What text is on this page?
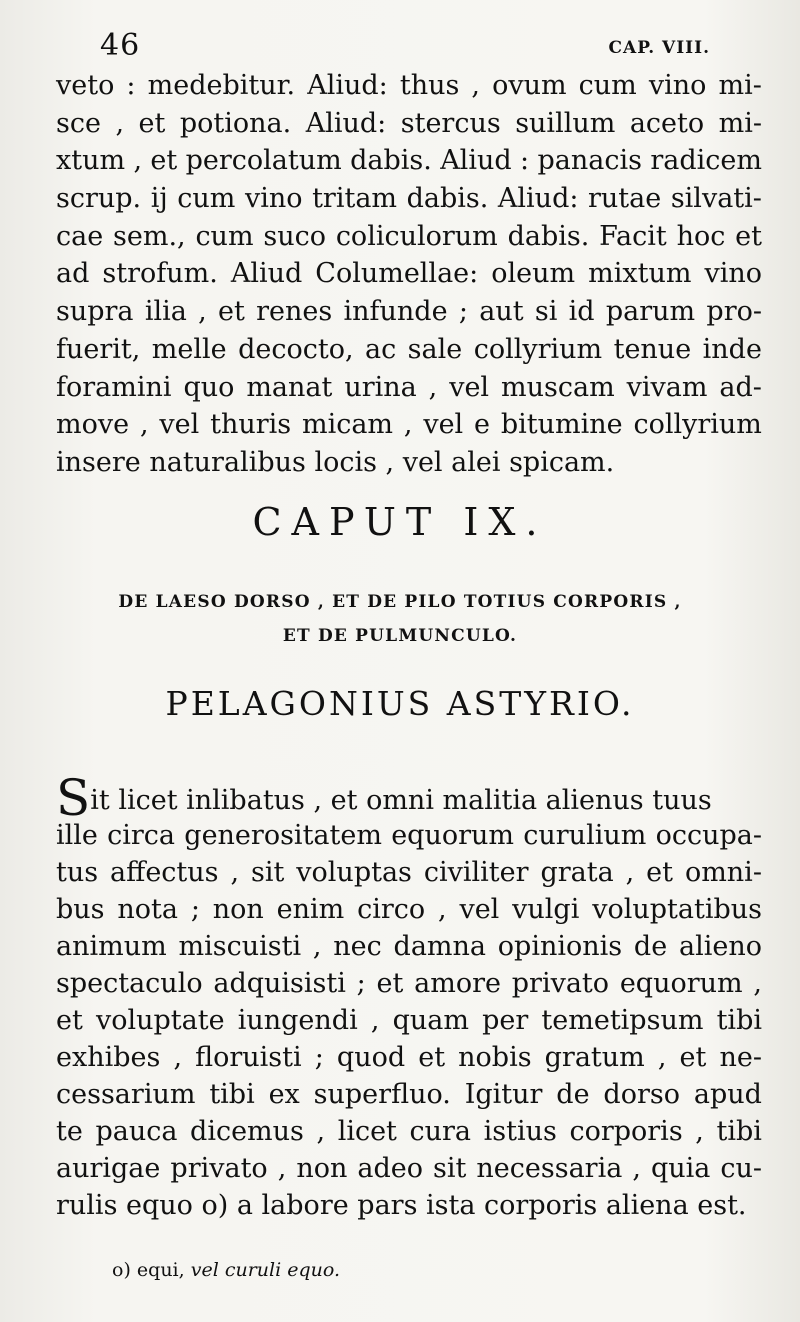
46	CAP. VIII.
veto : medebitur. Aliud: thus , ovum cum vino mi-
sce , et potiona. Aliud: stercus suillum aceto mi-
xtum , et percolatum dabis. Aliud : panacis radicem
scrup. ij cum vino tritam dabis. Aliud: rutae silvati-
cae sem., cum suco coliculorum dabis. Facit hoc et
ad strofum. Aliud Columellae: oleum mixtum vino
supra ilia , et renes infunde ; aut si id parum pro-
fuerit, melle decocto, ac sale collyrium tenue inde
foramini quo manat urina , vel muscam vivam ad-
move , vel thuris micam , vel e bitumine collyrium
insere naturalibus locis , vel alei spicam.
CAPUT IX.
DE LAESO DORSO , ET DE PILO TOTIUS CORPORIS ,
ET DE PULMUNCULO.
PELAGONIUS ASTYRIO.
Sit licet inlibatus , et omni malitia alienus tuus
ille circa generositatem equorum curulium occupa-
tus affectus , sit voluptas civiliter grata , et omni-
bus nota ; non enim circo , vel vulgi voluptatibus
animum miscuisti , nec damna opinionis de alieno
spectaculo adquisisti ; et amore privato equorum ,
et voluptate iungendi , quam per temetipsum tibi
exhibes , floruisti ; quod et nobis gratum , et ne-
cessarium tibi ex superfluo. Igitur de dorso apud
te pauca dicemus , licet cura istius corporis , tibi
aurigae privato , non adeo sit necessaria , quia cu-
rulis equo o) a labore pars ista corporis aliena est.
o) equi, vel curuli equo.
